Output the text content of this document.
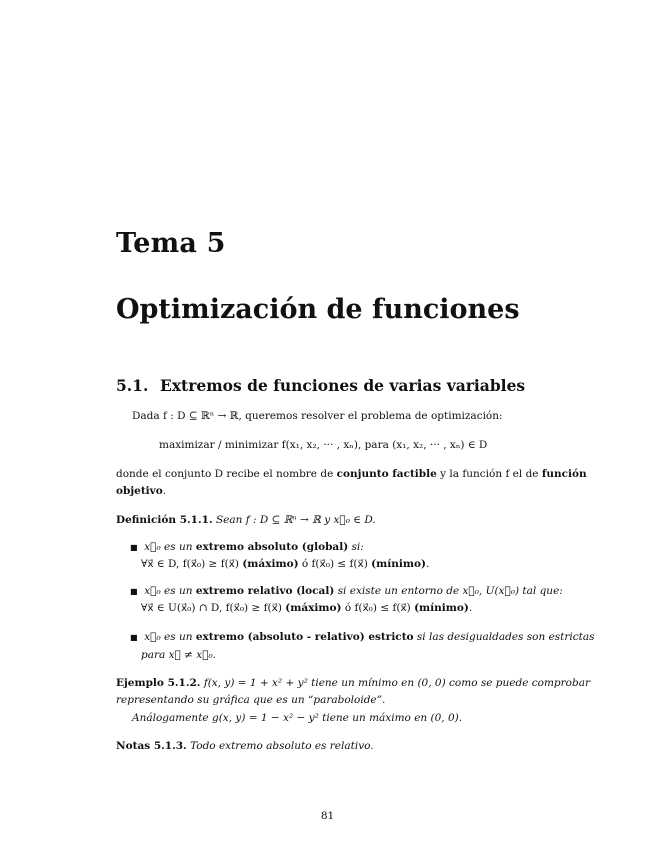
Tema 5
Optimización de funciones
5.1. Extremos de funciones de varias variables
Dada f : D ⊆ ℝⁿ → ℝ, queremos resolver el problema de optimización:
maximizar / minimizar f(x₁, x₂, ··· , xₙ), para (x₁, x₂, ··· , xₙ) ∈ D
donde el conjunto D recibe el nombre de conjunto factible y la función f el de función
objetivo.
Definición 5.1.1. Sean f : D ⊆ ℝⁿ → ℝ y x⃗₀ ∈ D.
■ x⃗₀ es un extremo absoluto (global) si:
∀x⃗ ∈ D, f(x⃗₀) ≥ f(x⃗) (máximo) ó f(x⃗₀) ≤ f(x⃗) (mínimo).
■ x⃗₀ es un extremo relativo (local) si existe un entorno de x⃗₀, U(x⃗₀) tal que:
∀x⃗ ∈ U(x⃗₀) ∩ D, f(x⃗₀) ≥ f(x⃗) (máximo) ó f(x⃗₀) ≤ f(x⃗) (mínimo).
■ x⃗₀ es un extremo (absoluto - relativo) estricto si las desigualdades son estrictas
para x⃗ ≠ x⃗₀.
Ejemplo 5.1.2. f(x, y) = 1 + x² + y² tiene un mínimo en (0, 0) como se puede comprobar
representando su gráfica que es un “paraboloide”.
Análogamente g(x, y) = 1 − x² − y² tiene un máximo en (0, 0).
Notas 5.1.3. Todo extremo absoluto es relativo.
81
